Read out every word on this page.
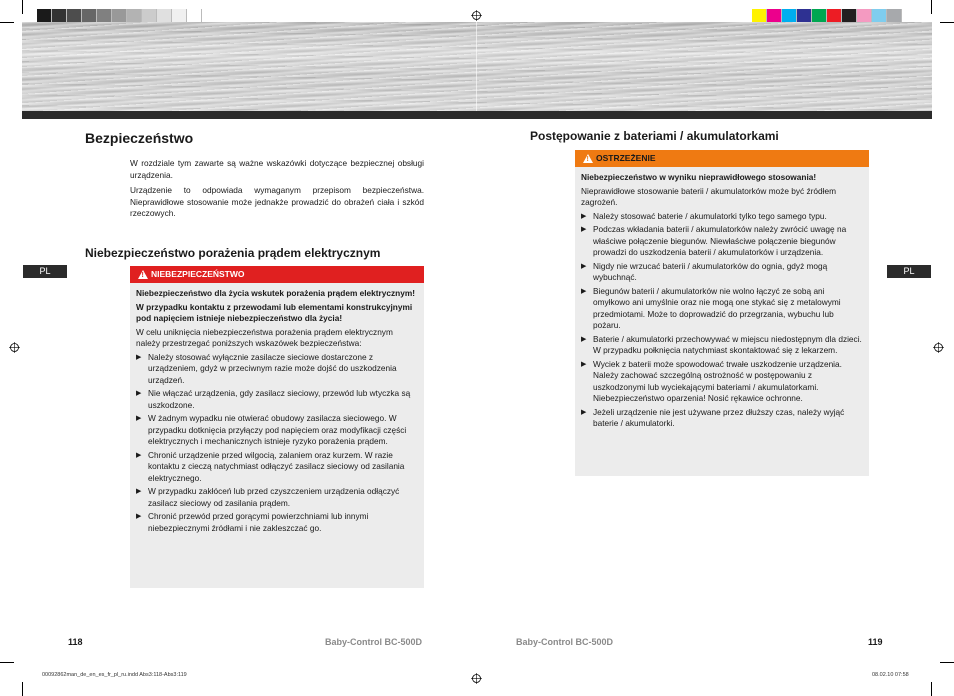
PL	PL
Bezpieczeństwo
W rozdziale tym zawarte są ważne wskazówki dotyczące bezpiecznej obsługi urządzenia.
Urządzenie to odpowiada wymaganym przepisom bezpieczeństwa. Nieprawidłowe stosowanie może jednakże prowadzić do obrażeń ciała i szkód rzeczowych.
Niebezpieczeństwo porażenia prądem elektrycznym
!
NIEBEZPIECZEŃSTWO

Niebezpieczeństwo dla życia wskutek porażenia prądem elektrycznym!

W przypadku kontaktu z przewodami lub elementami konstrukcyjnymi pod napięciem istnieje niebezpieczeństwo dla życia!

W celu uniknięcia niebezpieczeństwa porażenia prądem elektrycznym należy przestrzegać poniższych wskazówek bezpieczeństwa:

▶ Należy stosować wyłącznie zasilacze sieciowe dostarczone z urządzeniem, gdyż w przeciwnym razie może dojść do uszkodzenia urządzeń.
▶ Nie włączać urządzenia, gdy zasilacz sieciowy, przewód lub wtyczka są uszkodzone.
▶ W żadnym wypadku nie otwierać obudowy zasilacza sieciowego. W przypadku dotknięcia przyłączy pod napięciem oraz modyfikacji części elektrycznych i mechanicznych istnieje ryzyko porażenia prądem.
▶ Chronić urządzenie przed wilgocią, zalaniem oraz kurzem. W razie kontaktu z cieczą natychmiast odłączyć zasilacz sieciowy od zasilania elektrycznego.
▶ W przypadku zakłóceń lub przed czyszczeniem urządzenia odłączyć zasilacz sieciowy od zasilania prądem.
▶ Chronić przewód przed gorącymi powierzchniami lub innymi niebezpiecznymi źródłami i nie zakleszczać go.
Postępowanie z bateriami / akumulatorkami
!
OSTRZEŻENIE

Niebezpieczeństwo w wyniku nieprawidłowego stosowania!

Nieprawidłowe stosowanie baterii / akumulatorków może być źródłem zagrożeń.

▶ Należy stosować baterie / akumulatorki tylko tego samego typu.
▶ Podczas wkładania baterii / akumulatorków należy zwrócić uwagę na właściwe połączenie biegunów. Niewłaściwe połączenie biegunów prowadzi do uszkodzenia baterii / akumulatorków i urządzenia.
▶ Nigdy nie wrzucać baterii / akumulatorków do ognia, gdyż mogą wybuchnąć.
▶ Biegunów baterii / akumulatorków nie wolno łączyć ze sobą ani omyłkowo ani umyślnie oraz nie mogą one stykać się z metalowymi przedmiotami. Może to doprowadzić do przegrzania, wybuchu lub pożaru.
▶ Baterie / akumulatorki przechowywać w miejscu niedostępnym dla dzieci. W przypadku połknięcia natychmiast skontaktować się z lekarzem.
▶ Wyciek z baterii może spowodować trwałe uszkodzenie urządzenia. Należy zachować szczególną ostrożność w postępowaniu z uszkodzonymi lub wyciekającymi bateriami / akumulatorkami. Niebezpieczeństwo oparzenia! Nosić rękawice ochronne.
▶ Jeżeli urządzenie nie jest używane przez dłuższy czas, należy wyjąć baterie / akumulatorki.
118	Baby-Control BC-500D	Baby-Control BC-500D	119
00092862man_de_en_es_fr_pl_ru.indd Abs3:118-Abs3:119	08.02.10 07:58
